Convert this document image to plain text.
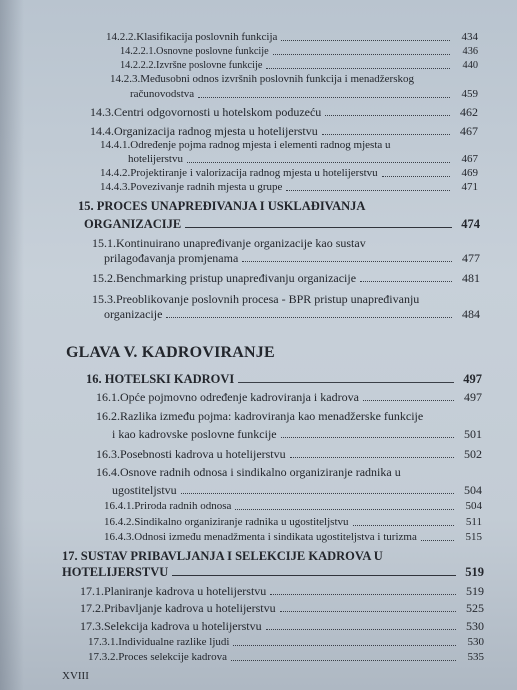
14.2.2.Klasifikacija poslovnih funkcija	434
14.2.2.1.Osnovne poslovne funkcije	436
14.2.2.2.Izvršne poslovne funkcije	440
14.2.3.Međusobni odnos izvršnih poslovnih funkcija i menadžerskog
računovodstva	459
14.3.Centri odgovornosti u hotelskom poduzeću	462
14.4.Organizacija radnog mjesta u hotelijerstvu	467
14.4.1.Određenje pojma radnog mjesta i elementi radnog mjesta u
hotelijerstvu	467
14.4.2.Projektiranje i valorizacija radnog mjesta u hotelijerstvu	469
14.4.3.Povezivanje radnih mjesta u grupe	471
15. PROCES UNAPREĐIVANJA I USKLAĐIVANJA
ORGANIZACIJE	474
15.1.Kontinuirano unapređivanje organizacije kao sustav
prilagođavanja promjenama	477
15.2.Benchmarking pristup unapređivanju organizacije	481
15.3.Preoblikovanje poslovnih procesa - BPR pristup unapređivanju
organizacije	484
GLAVA V. KADROVIRANJE
16. HOTELSKI KADROVI	497
16.1.Opće pojmovno određenje kadroviranja i kadrova	497
16.2.Razlika između pojma: kadroviranja kao menadžerske funkcije
i kao kadrovske poslovne funkcije	501
16.3.Posebnosti kadrova u hotelijerstvu	502
16.4.Osnove radnih odnosa i sindikalno organiziranje radnika u
ugostiteljstvu	504
16.4.1.Priroda radnih odnosa	504
16.4.2.Sindikalno organiziranje radnika u ugostiteljstvu	511
16.4.3.Odnosi između menadžmenta i sindikata ugostiteljstva i turizma	515
17. SUSTAV PRIBAVLJANJA I SELEKCIJE KADROVA U
HOTELIJERSTVU	519
17.1.Planiranje kadrova u hotelijerstvu	519
17.2.Pribavljanje kadrova u hotelijerstvu	525
17.3.Selekcija kadrova u hotelijerstvu	530
17.3.1.Individualne razlike ljudi	530
17.3.2.Proces selekcije kadrova	535
XVIII
